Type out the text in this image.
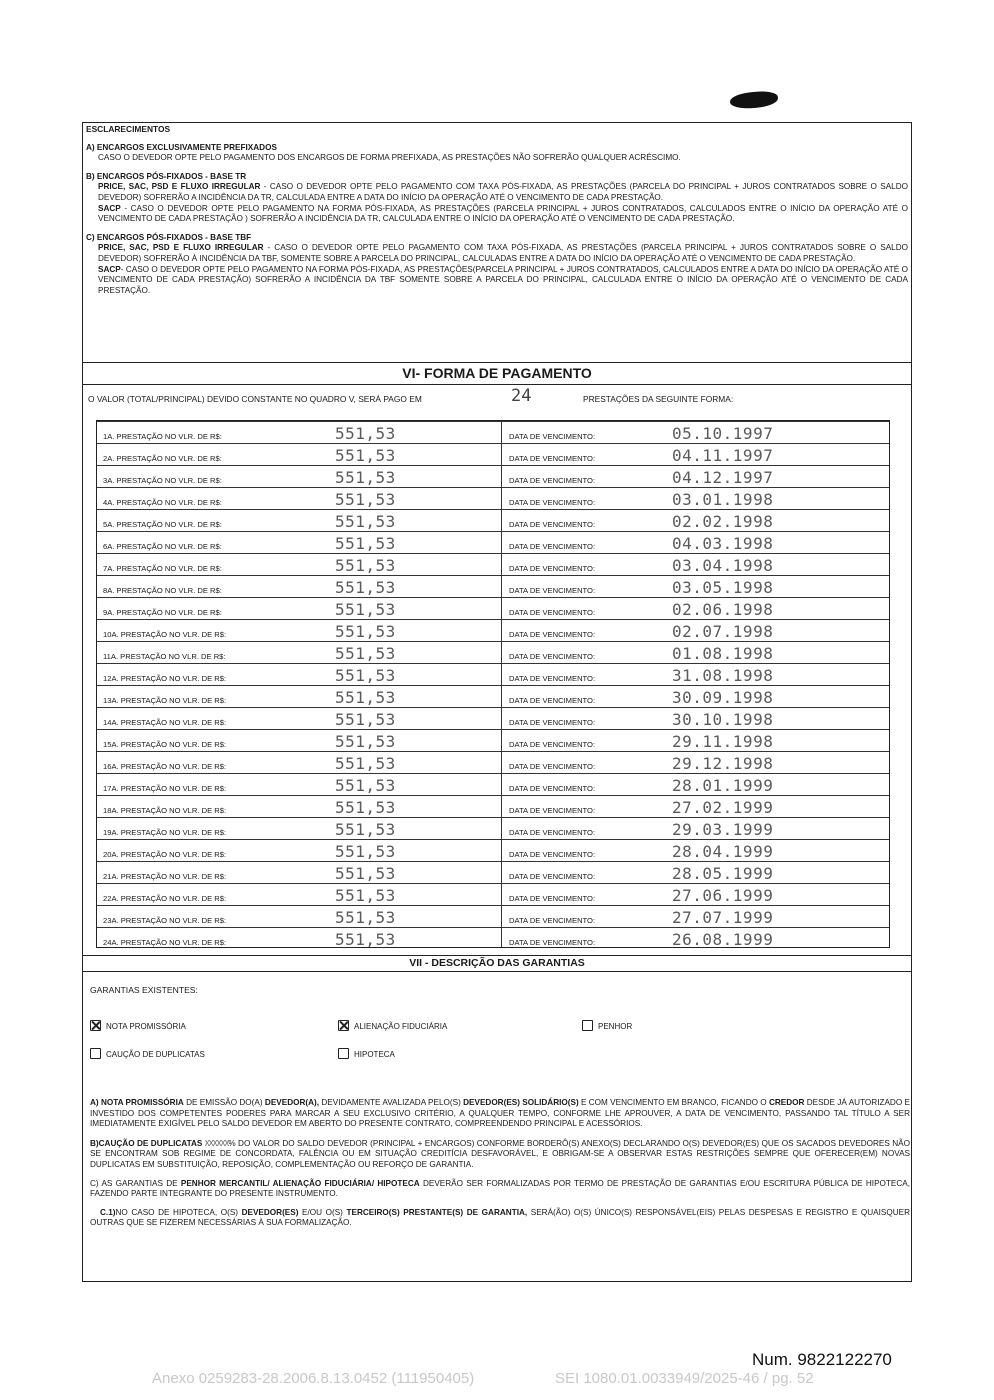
ESCLARECIMENTOS
A) ENCARGOS EXCLUSIVAMENTE PREFIXADOS

CASO O DEVEDOR OPTE PELO PAGAMENTO DOS ENCARGOS DE FORMA PREFIXADA, AS PRESTAÇÕES NÃO SOFRERÃO QUALQUER ACRÉSCIMO.

B) ENCARGOS PÓS-FIXADOS - BASE TR

PRICE, SAC, PSD E FLUXO IRREGULAR - CASO O DEVEDOR OPTE PELO PAGAMENTO COM TAXA PÓS-FIXADA, AS PRESTAÇÕES (PARCELA DO PRINCIPAL + JUROS CONTRATADOS SOBRE O SALDO DEVEDOR) SOFRERÃO A INCIDÊNCIA DA TR, CALCULADA ENTRE A DATA DO INÍCIO DA OPERAÇÃO ATÉ O VENCIMENTO DE CADA PRESTAÇÃO.

SACP - CASO O DEVEDOR OPTE PELO PAGAMENTO NA FORMA PÓS-FIXADA, AS PRESTAÇÕES (PARCELA PRINCIPAL + JUROS CONTRATADOS, CALCULADOS ENTRE O INÍCIO DA OPERAÇÃO ATÉ O VENCIMENTO DE CADA PRESTAÇÃO ) SOFRERÃO A INCIDÊNCIA DA TR, CALCULADA ENTRE O INÍCIO DA OPERAÇÃO ATÉ O VENCIMENTO DE CADA PRESTAÇÃO.

C) ENCARGOS PÓS-FIXADOS - BASE TBF

PRICE, SAC, PSD E FLUXO IRREGULAR - CASO O DEVEDOR OPTE PELO PAGAMENTO COM TAXA PÓS-FIXADA, AS PRESTAÇÕES (PARCELA PRINCIPAL + JUROS CONTRATADOS SOBRE O SALDO DEVEDOR) SOFRERÃO À INCIDÊNCIA DA TBF, SOMENTE SOBRE A PARCELA DO PRINCIPAL, CALCULADAS ENTRE A DATA DO INÍCIO DA OPERAÇÃO ATÉ O VENCIMENTO DE CADA PRESTAÇÃO.

SACP- CASO O DEVEDOR OPTE PELO PAGAMENTO NA FORMA PÓS-FIXADA, AS PRESTAÇÕES(PARCELA PRINCIPAL + JUROS CONTRATADOS, CALCULADOS ENTRE A DATA DO INÍCIO DA OPERAÇÃO ATÉ O VENCIMENTO DE CADA PRESTAÇÃO) SOFRERÃO A INCIDÊNCIA DA TBF SOMENTE SOBRE A PARCELA DO PRINCIPAL, CALCULADA ENTRE O INÍCIO DA OPERAÇÃO ATÉ O VENCIMENTO DE CADA PRESTAÇÃO.

VI- FORMA DE PAGAMENTO
O VALOR (TOTAL/PRINCIPAL) DEVIDO CONSTANTE NO QUADRO V, SERÁ PAGO EM	24	PRESTAÇÕES DA SEGUINTE FORMA:
1A. PRESTAÇÃO NO VLR. DE R$:	551,53	DATA DE VENCIMENTO:	05.10.1997
2A. PRESTAÇÃO NO VLR. DE R$:	551,53	DATA DE VENCIMENTO:	04.11.1997
3A. PRESTAÇÃO NO VLR. DE R$:	551,53	DATA DE VENCIMENTO:	04.12.1997
4A. PRESTAÇÃO NO VLR. DE R$:	551,53	DATA DE VENCIMENTO:	03.01.1998
5A. PRESTAÇÃO NO VLR. DE R$:	551,53	DATA DE VENCIMENTO:	02.02.1998
6A. PRESTAÇÃO NO VLR. DE R$:	551,53	DATA DE VENCIMENTO:	04.03.1998
7A. PRESTAÇÃO NO VLR. DE R$:	551,53	DATA DE VENCIMENTO:	03.04.1998
8A. PRESTAÇÃO NO VLR. DE R$:	551,53	DATA DE VENCIMENTO:	03.05.1998
9A. PRESTAÇÃO NO VLR. DE R$:	551,53	DATA DE VENCIMENTO:	02.06.1998
10A. PRESTAÇÃO NO VLR. DE R$:	551,53	DATA DE VENCIMENTO:	02.07.1998
11A. PRESTAÇÃO NO VLR. DE R$:	551,53	DATA DE VENCIMENTO:	01.08.1998
12A. PRESTAÇÃO NO VLR. DE R$:	551,53	DATA DE VENCIMENTO:	31.08.1998
13A. PRESTAÇÃO NO VLR. DE R$:	551,53	DATA DE VENCIMENTO:	30.09.1998
14A. PRESTAÇÃO NO VLR. DE R$:	551,53	DATA DE VENCIMENTO:	30.10.1998
15A. PRESTAÇÃO NO VLR. DE R$:	551,53	DATA DE VENCIMENTO:	29.11.1998
16A. PRESTAÇÃO NO VLR. DE R$:	551,53	DATA DE VENCIMENTO:	29.12.1998
17A. PRESTAÇÃO NO VLR. DE R$:	551,53	DATA DE VENCIMENTO:	28.01.1999
18A. PRESTAÇÃO NO VLR. DE R$:	551,53	DATA DE VENCIMENTO:	27.02.1999
19A. PRESTAÇÃO NO VLR. DE R$:	551,53	DATA DE VENCIMENTO:	29.03.1999
20A. PRESTAÇÃO NO VLR. DE R$:	551,53	DATA DE VENCIMENTO:	28.04.1999
21A. PRESTAÇÃO NO VLR. DE R$:	551,53	DATA DE VENCIMENTO:	28.05.1999
22A. PRESTAÇÃO NO VLR. DE R$:	551,53	DATA DE VENCIMENTO:	27.06.1999
23A. PRESTAÇÃO NO VLR. DE R$:	551,53	DATA DE VENCIMENTO:	27.07.1999
24A. PRESTAÇÃO NO VLR. DE R$:	551,53	DATA DE VENCIMENTO:	26.08.1999
VII - DESCRIÇÃO DAS GARANTIAS
GARANTIAS EXISTENTES:
NOTA PROMISSÓRIA	ALIENAÇÃO FIDUCIÁRIA	PENHOR
CAUÇÃO DE DUPLICATAS	HIPOTECA

A) NOTA PROMISSÓRIA DE EMISSÃO DO(A) DEVEDOR(A), DEVIDAMENTE AVALIZADA PELO(S) DEVEDOR(ES) SOLIDÁRIO(S) E COM VENCIMENTO EM BRANCO, FICANDO O CREDOR DESDE JÁ AUTORIZADO E INVESTIDO DOS COMPETENTES PODERES PARA MARCAR A SEU EXCLUSIVO CRITÉRIO, A QUALQUER TEMPO, CONFORME LHE APROUVER, A DATA DE VENCIMENTO, PASSANDO TAL TÍTULO A SER IMEDIATAMENTE EXIGÍVEL PELO SALDO DEVEDOR EM ABERTO DO PRESENTE CONTRATO, COMPREENDENDO PRINCIPAL E ACESSÓRIOS.

B)CAUÇÃO DE DUPLICATAS XXXXXX% DO VALOR DO SALDO DEVEDOR (PRINCIPAL + ENCARGOS) CONFORME BORDERÔ(S) ANEXO(S) DECLARANDO O(S) DEVEDOR(ES) QUE OS SACADOS DEVEDORES NÃO SE ENCONTRAM SOB REGIME DE CONCORDATA, FALÊNCIA OU EM SITUAÇÃO CREDITÍCIA DESFAVORÁVEL, E OBRIGAM-SE A OBSERVAR ESTAS RESTRIÇÕES SEMPRE QUE OFERECER(EM) NOVAS DUPLICATAS EM SUBSTITUIÇÃO, REPOSIÇÃO, COMPLEMENTAÇÃO OU REFORÇO DE GARANTIA.

C) AS GARANTIAS DE PENHOR MERCANTIL/ ALIENAÇÃO FIDUCIÁRIA/ HIPOTECA DEVERÃO SER FORMALIZADAS POR TERMO DE PRESTAÇÃO DE GARANTIAS E/OU ESCRITURA PÚBLICA DE HIPOTECA, FAZENDO PARTE INTEGRANTE DO PRESENTE INSTRUMENTO.

C.1)NO CASO DE HIPOTECA, O(S) DEVEDOR(ES) E/OU O(S) TERCEIRO(S) PRESTANTE(S) DE GARANTIA, SERÁ(ÃO) O(S) ÚNICO(S) RESPONSÁVEL(EIS) PELAS DESPESAS E REGISTRO E QUAISQUER OUTRAS QUE SE FIZEREM NECESSÁRIAS À SUA FORMALIZAÇÃO.

Num. 9822122270
Anexo 0259283-28.2006.8.13.0452 (111950405)	SEI 1080.01.0033949/2025-46 / pg. 52
